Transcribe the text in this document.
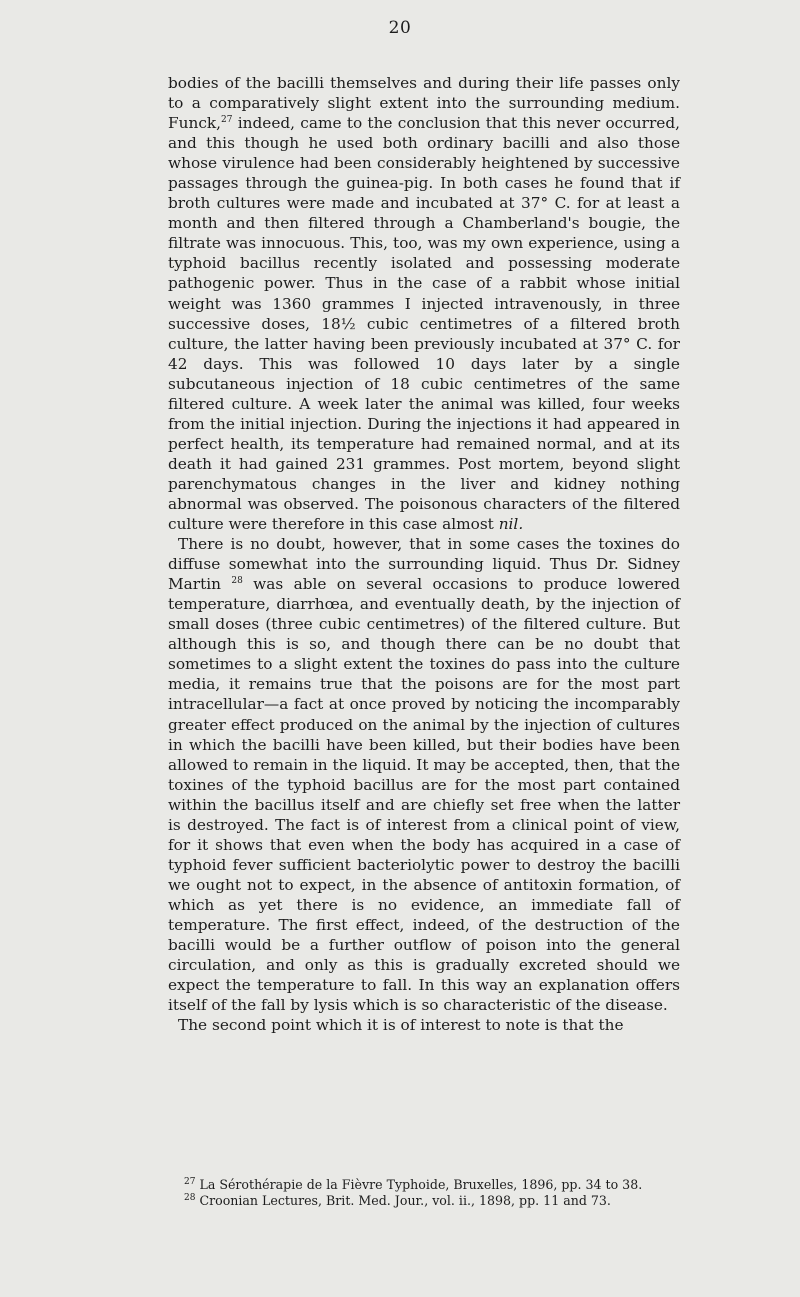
20

bodies of the bacilli themselves and during their life passes only to a comparatively slight extent into the surrounding medium. Funck,$^{27}$ indeed, came to the conclusion that this never occurred, and this though he used both ordinary bacilli and also those whose virulence had been considerably heightened by successive passages through the guinea-pig. In both cases he found that if broth cultures were made and incubated at 37° C. for at least a month and then filtered through a Chamberland's bougie, the filtrate was innocuous. This, too, was my own experience, using a typhoid bacillus recently isolated and possessing moderate pathogenic power. Thus in the case of a rabbit whose initial weight was 1360 grammes I injected intravenously, in three successive doses, 18½ cubic centimetres of a filtered broth culture, the latter having been previously incubated at 37° C. for 42 days. This was followed 10 days later by a single subcutaneous injection of 18 cubic centimetres of the same filtered culture. A week later the animal was killed, four weeks from the initial injection. During the injections it had appeared in perfect health, its temperature had remained normal, and at its death it had gained 231 grammes. Post mortem, beyond slight parenchymatous changes in the liver and kidney nothing abnormal was observed. The poisonous characters of the filtered culture were therefore in this case almost nil.

There is no doubt, however, that in some cases the toxines do diffuse somewhat into the surrounding liquid. Thus Dr. Sidney Martin $^{28}$ was able on several occasions to produce lowered temperature, diarrhœa, and eventually death, by the injection of small doses (three cubic centimetres) of the filtered culture. But although this is so, and though there can be no doubt that sometimes to a slight extent the toxines do pass into the culture media, it remains true that the poisons are for the most part intracellular—a fact at once proved by noticing the incomparably greater effect produced on the animal by the injection of cultures in which the bacilli have been killed, but their bodies have been allowed to remain in the liquid. It may be accepted, then, that the toxines of the typhoid bacillus are for the most part contained within the bacillus itself and are chiefly set free when the latter is destroyed. The fact is of interest from a clinical point of view, for it shows that even when the body has acquired in a case of typhoid fever sufficient bacteriolytic power to destroy the bacilli we ought not to expect, in the absence of antitoxin formation, of which as yet there is no evidence, an immediate fall of temperature. The first effect, indeed, of the destruction of the bacilli would be a further outflow of poison into the general circulation, and only as this is gradually excreted should we expect the temperature to fall. In this way an explanation offers itself of the fall by lysis which is so characteristic of the disease.

The second point which it is of interest to note is that the

$^{27}$ La Sérothérapie de la Fièvre Typhoide, Bruxelles, 1896, pp. 34 to 38.
$^{28}$ Croonian Lectures, Brit. Med. Jour., vol. ii., 1898, pp. 11 and 73.
